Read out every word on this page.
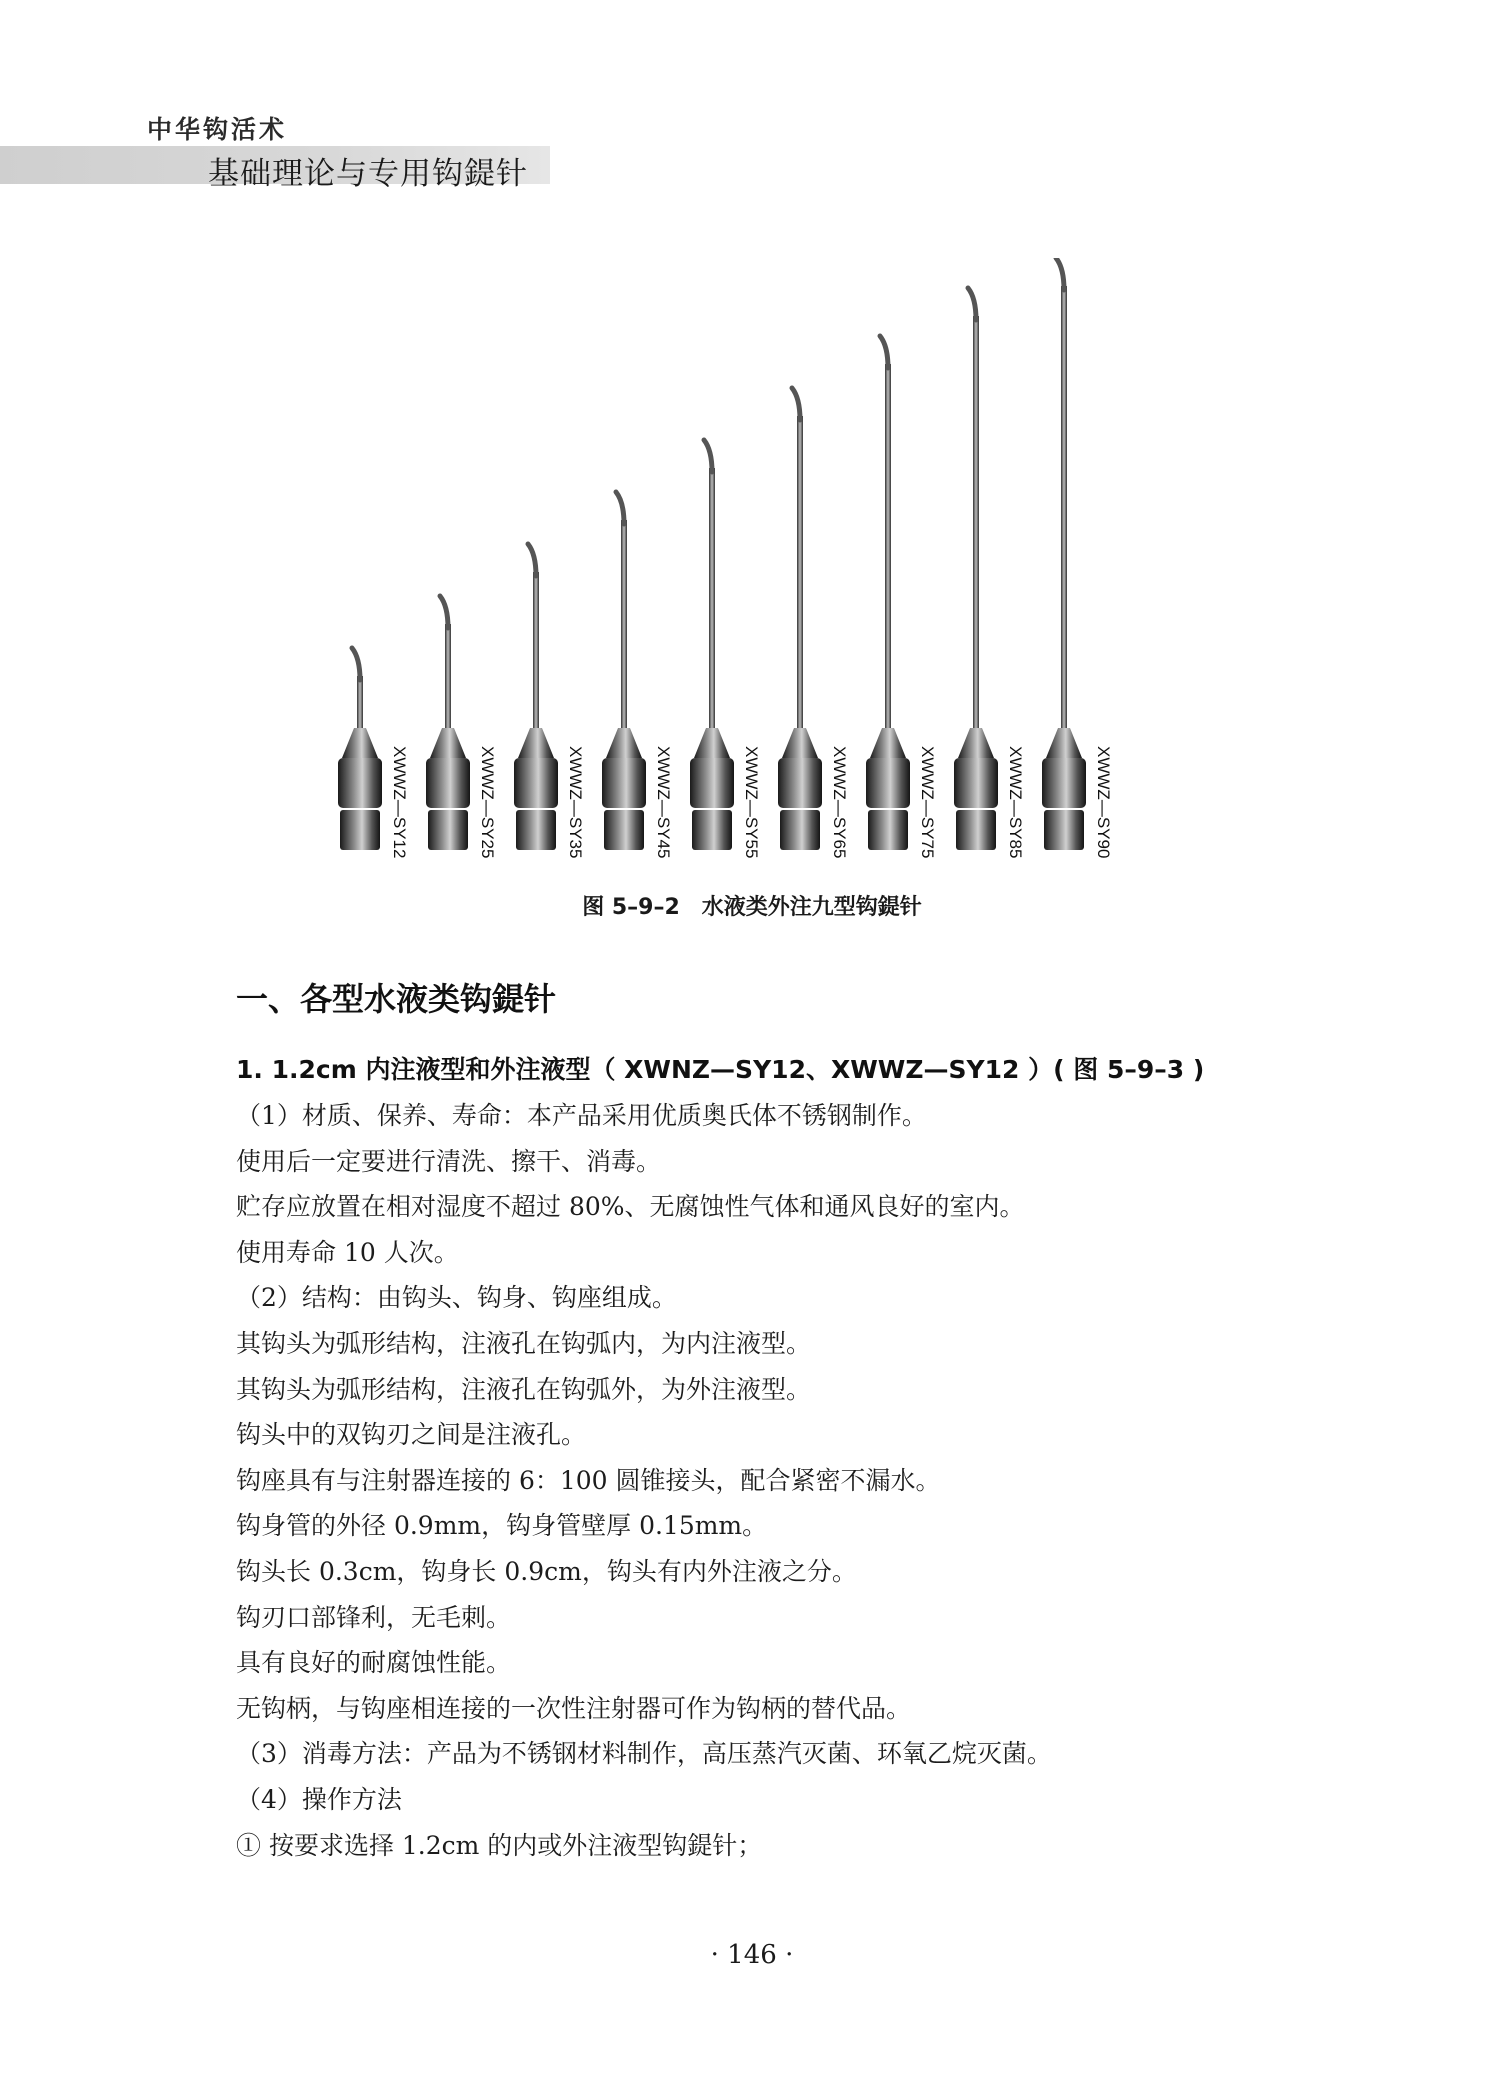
中华钩活术
基础理论与专用钩鍉针
XWWZ—SY12	XWWZ—SY25	XWWZ—SY35	XWWZ—SY45	XWWZ—SY55	XWWZ—SY65	XWWZ—SY75	XWWZ—SY85	XWWZ—SY90
图 5–9–2　水液类外注九型钩鍉针
一、各型水液类钩鍉针
1. 1.2cm 内注液型和外注液型（ XWNZ—SY12、XWWZ—SY12 ）( 图 5–9–3 )
（1）材质、保养、寿命：本产品采用优质奥氏体不锈钢制作。
使用后一定要进行清洗、擦干、消毒。
贮存应放置在相对湿度不超过 80%、无腐蚀性气体和通风良好的室内。
使用寿命 10 人次。
（2）结构：由钩头、钩身、钩座组成。
其钩头为弧形结构，注液孔在钩弧内，为内注液型。
其钩头为弧形结构，注液孔在钩弧外，为外注液型。
钩头中的双钩刃之间是注液孔。
钩座具有与注射器连接的 6：100 圆锥接头，配合紧密不漏水。
钩身管的外径 0.9mm，钩身管壁厚 0.15mm。
钩头长 0.3cm，钩身长 0.9cm，钩头有内外注液之分。
钩刃口部锋利，无毛刺。
具有良好的耐腐蚀性能。
无钩柄，与钩座相连接的一次性注射器可作为钩柄的替代品。
（3）消毒方法：产品为不锈钢材料制作，高压蒸汽灭菌、环氧乙烷灭菌。
（4）操作方法
① 按要求选择 1.2cm 的内或外注液型钩鍉针；
· 146 ·
